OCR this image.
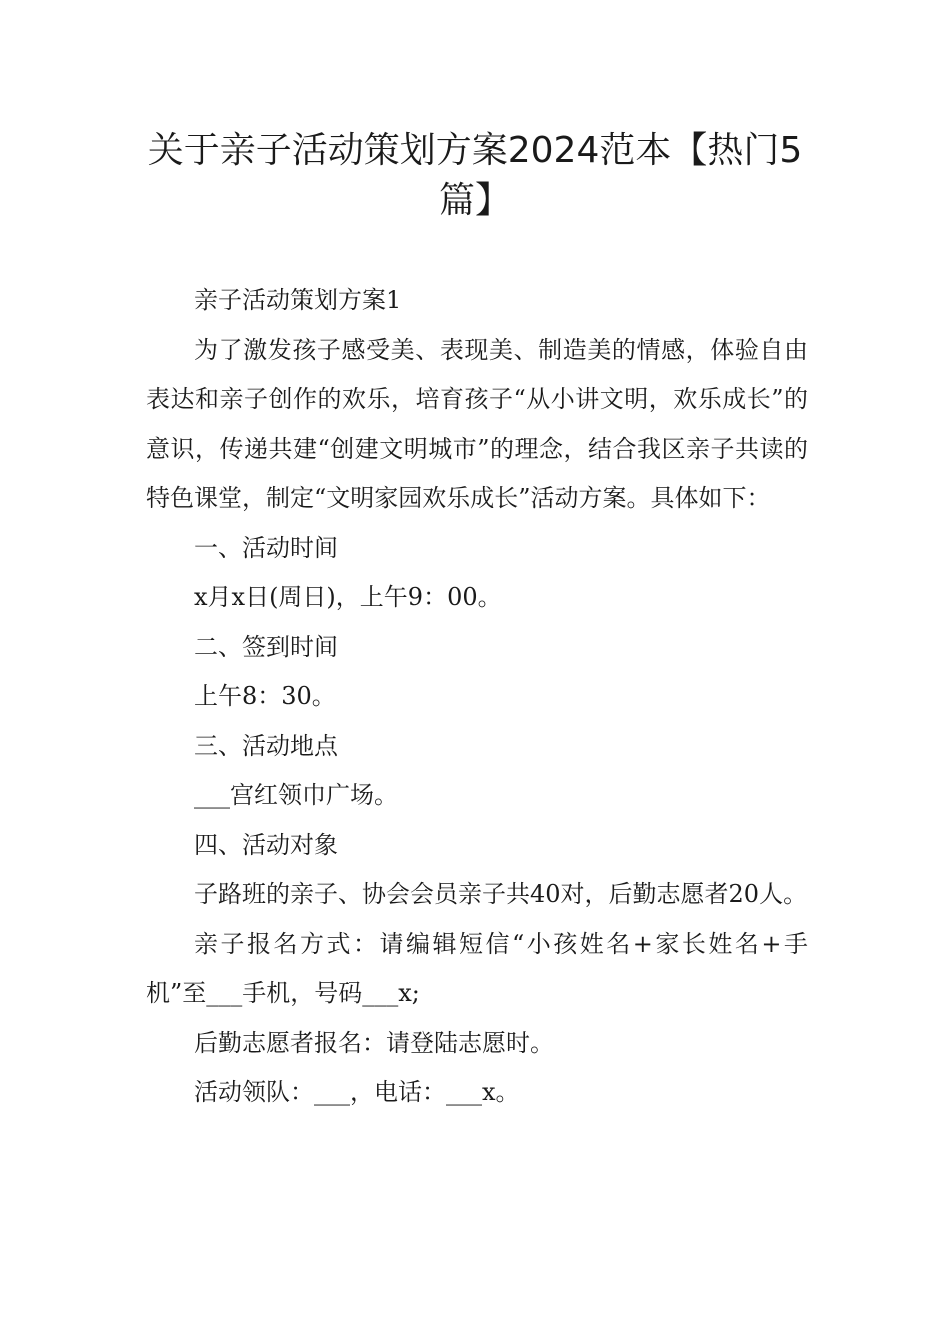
关于亲子活动策划方案2024范本【热门5篇】

亲子活动策划方案1

为了激发孩子感受美、表现美、制造美的情感，体验自由表达和亲子创作的欢乐，培育孩子“从小讲文明，欢乐成长”的意识，传递共建“创建文明城市”的理念，结合我区亲子共读的特色课堂，制定“文明家园欢乐成长”活动方案。具体如下：

一、活动时间

x月x日(周日)，上午9：00。

二、签到时间

上午8：30。

三、活动地点

___宫红领巾广场。

四、活动对象

子路班的亲子、协会会员亲子共40对，后勤志愿者20人。

亲子报名方式：请编辑短信“小孩姓名+家长姓名+手机”至___手机，号码___x;

后勤志愿者报名：请登陆志愿时。

活动领队：___，电话：___x。
